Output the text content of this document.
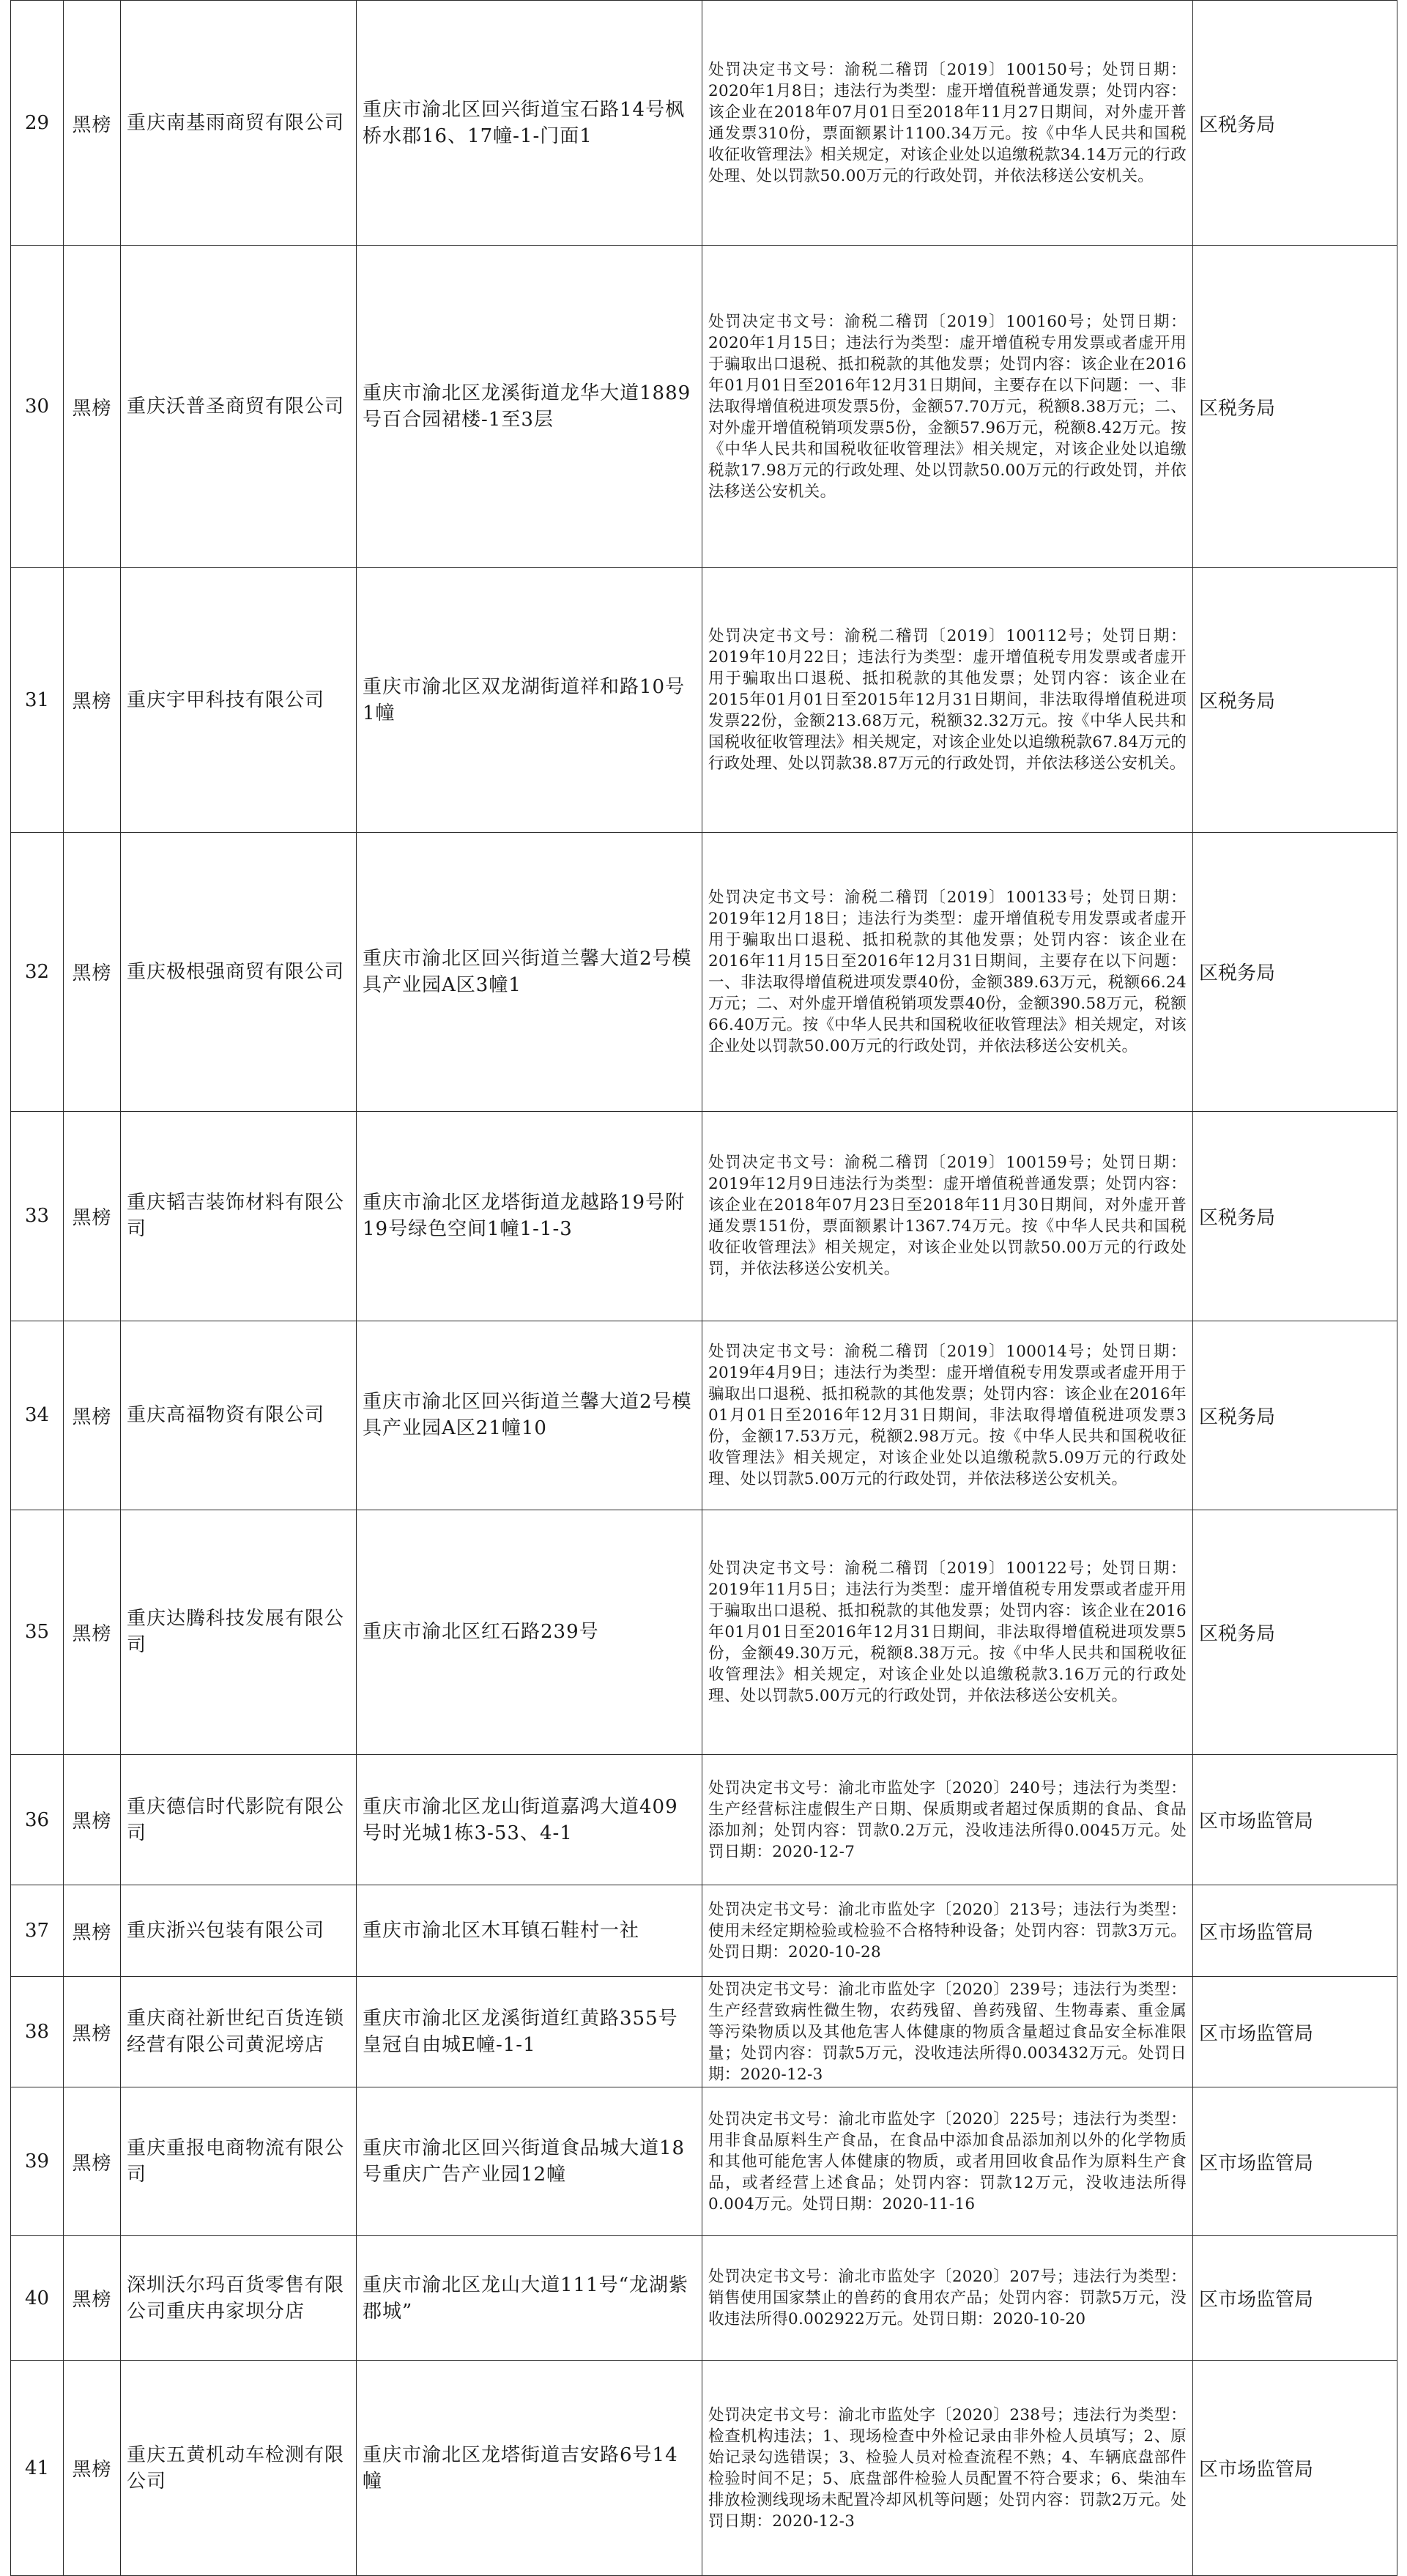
29	黑榜	重庆南基雨商贸有限公司	重庆市渝北区回兴街道宝石路14号枫桥水郡16、17幢-1-门面1	处罚决定书文号：渝税二稽罚〔2019〕100150号；处罚日期：2020年1月8日；违法行为类型：虚开增值税普通发票；处罚内容：该企业在2018年07月01日至2018年11月27日期间，对外虚开普通发票310份，票面额累计1100.34万元。按《中华人民共和国税收征收管理法》相关规定，对该企业处以追缴税款34.14万元的行政处理、处以罚款50.00万元的行政处罚，并依法移送公安机关。	区税务局
30	黑榜	重庆沃普圣商贸有限公司	重庆市渝北区龙溪街道龙华大道1889号百合园裙楼-1至3层	处罚决定书文号：渝税二稽罚〔2019〕100160号；处罚日期：2020年1月15日；违法行为类型：虚开增值税专用发票或者虚开用于骗取出口退税、抵扣税款的其他发票；处罚内容：该企业在2016年01月01日至2016年12月31日期间，主要存在以下问题：一、非法取得增值税进项发票5份，金额57.70万元，税额8.38万元；二、对外虚开增值税销项发票5份，金额57.96万元，税额8.42万元。按《中华人民共和国税收征收管理法》相关规定，对该企业处以追缴税款17.98万元的行政处理、处以罚款50.00万元的行政处罚，并依法移送公安机关。	区税务局
31	黑榜	重庆宇甲科技有限公司	重庆市渝北区双龙湖街道祥和路10号1幢	处罚决定书文号：渝税二稽罚〔2019〕100112号；处罚日期：2019年10月22日；违法行为类型：虚开增值税专用发票或者虚开用于骗取出口退税、抵扣税款的其他发票；处罚内容：该企业在2015年01月01日至2015年12月31日期间，非法取得增值税进项发票22份，金额213.68万元，税额32.32万元。按《中华人民共和国税收征收管理法》相关规定，对该企业处以追缴税款67.84万元的行政处理、处以罚款38.87万元的行政处罚，并依法移送公安机关。	区税务局
32	黑榜	重庆极根强商贸有限公司	重庆市渝北区回兴街道兰馨大道2号模具产业园A区3幢1	处罚决定书文号：渝税二稽罚〔2019〕100133号；处罚日期：2019年12月18日；违法行为类型：虚开增值税专用发票或者虚开用于骗取出口退税、抵扣税款的其他发票；处罚内容：该企业在2016年11月15日至2016年12月31日期间，主要存在以下问题：一、非法取得增值税进项发票40份，金额389.63万元，税额66.24万元；二、对外虚开增值税销项发票40份，金额390.58万元，税额66.40万元。按《中华人民共和国税收征收管理法》相关规定，对该企业处以罚款50.00万元的行政处罚，并依法移送公安机关。	区税务局
33	黑榜	重庆韬吉装饰材料有限公司	重庆市渝北区龙塔街道龙越路19号附19号绿色空间1幢1-1-3	处罚决定书文号：渝税二稽罚〔2019〕100159号；处罚日期：2019年12月9日违法行为类型：虚开增值税普通发票；处罚内容：该企业在2018年07月23日至2018年11月30日期间，对外虚开普通发票151份，票面额累计1367.74万元。按《中华人民共和国税收征收管理法》相关规定，对该企业处以罚款50.00万元的行政处罚，并依法移送公安机关。	区税务局
34	黑榜	重庆高福物资有限公司	重庆市渝北区回兴街道兰馨大道2号模具产业园A区21幢10	处罚决定书文号：渝税二稽罚〔2019〕100014号；处罚日期：2019年4月9日；违法行为类型：虚开增值税专用发票或者虚开用于骗取出口退税、抵扣税款的其他发票；处罚内容：该企业在2016年01月01日至2016年12月31日期间，非法取得增值税进项发票3份，金额17.53万元，税额2.98万元。按《中华人民共和国税收征收管理法》相关规定，对该企业处以追缴税款5.09万元的行政处理、处以罚款5.00万元的行政处罚，并依法移送公安机关。	区税务局
35	黑榜	重庆达腾科技发展有限公司	重庆市渝北区红石路239号	处罚决定书文号：渝税二稽罚〔2019〕100122号；处罚日期：2019年11月5日；违法行为类型：虚开增值税专用发票或者虚开用于骗取出口退税、抵扣税款的其他发票；处罚内容：该企业在2016年01月01日至2016年12月31日期间，非法取得增值税进项发票5份，金额49.30万元，税额8.38万元。按《中华人民共和国税收征收管理法》相关规定，对该企业处以追缴税款3.16万元的行政处理、处以罚款5.00万元的行政处罚，并依法移送公安机关。	区税务局
36	黑榜	重庆德信时代影院有限公司	重庆市渝北区龙山街道嘉鸿大道409号时光城1栋3-53、4-1	处罚决定书文号：渝北市监处字〔2020〕240号；违法行为类型：生产经营标注虚假生产日期、保质期或者超过保质期的食品、食品添加剂；处罚内容：罚款0.2万元，没收违法所得0.0045万元。处罚日期：2020-12-7	区市场监管局
37	黑榜	重庆浙兴包装有限公司	重庆市渝北区木耳镇石鞋村一社	处罚决定书文号：渝北市监处字〔2020〕213号；违法行为类型：使用未经定期检验或检验不合格特种设备；处罚内容：罚款3万元。处罚日期：2020-10-28	区市场监管局
38	黑榜	重庆商社新世纪百货连锁经营有限公司黄泥塝店	重庆市渝北区龙溪街道红黄路355号皇冠自由城E幢-1-1	处罚决定书文号：渝北市监处字〔2020〕239号；违法行为类型：生产经营致病性微生物，农药残留、兽药残留、生物毒素、重金属等污染物质以及其他危害人体健康的物质含量超过食品安全标准限量；处罚内容：罚款5万元，没收违法所得0.003432万元。处罚日期：2020-12-3	区市场监管局
39	黑榜	重庆重报电商物流有限公司	重庆市渝北区回兴街道食品城大道18号重庆广告产业园12幢	处罚决定书文号：渝北市监处字〔2020〕225号；违法行为类型：用非食品原料生产食品，在食品中添加食品添加剂以外的化学物质和其他可能危害人体健康的物质，或者用回收食品作为原料生产食品，或者经营上述食品；处罚内容：罚款12万元，没收违法所得0.004万元。处罚日期：2020-11-16	区市场监管局
40	黑榜	深圳沃尔玛百货零售有限公司重庆冉家坝分店	重庆市渝北区龙山大道111号“龙湖紫郡城”	处罚决定书文号：渝北市监处字〔2020〕207号；违法行为类型：销售使用国家禁止的兽药的食用农产品；处罚内容：罚款5万元，没收违法所得0.002922万元。处罚日期：2020-10-20	区市场监管局
41	黑榜	重庆五黄机动车检测有限公司	重庆市渝北区龙塔街道吉安路6号14幢	处罚决定书文号：渝北市监处字〔2020〕238号；违法行为类型：检查机构违法；1、现场检查中外检记录由非外检人员填写；2、原始记录勾选错误；3、检验人员对检查流程不熟；4、车辆底盘部件检验时间不足；5、底盘部件检验人员配置不符合要求；6、柴油车排放检测线现场未配置冷却风机等问题；处罚内容：罚款2万元。处罚日期：2020-12-3	区市场监管局
